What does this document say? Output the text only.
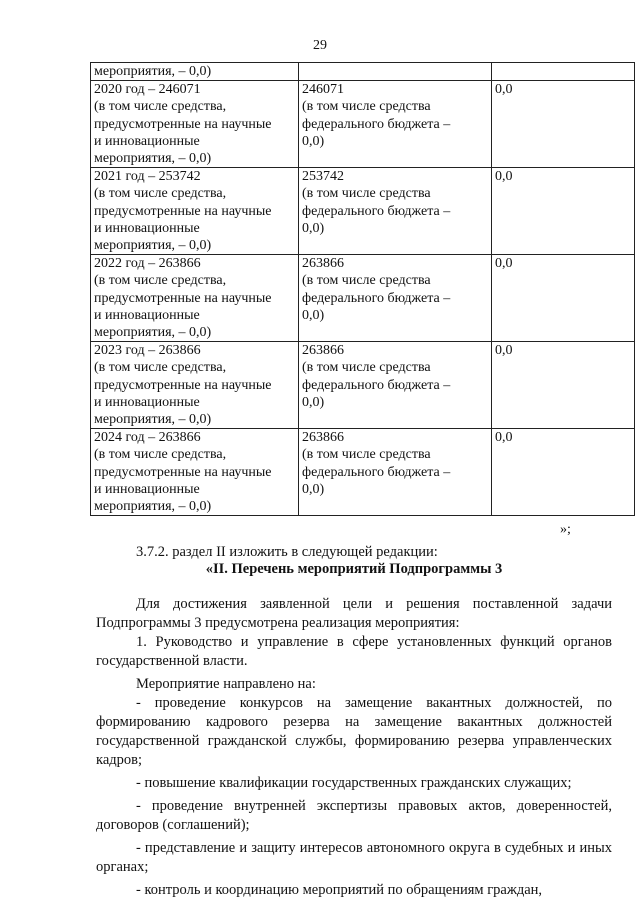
29
мероприятия, – 0,0)		

2020 год – 246071
(в том числе средства,
предусмотренные на научные
и инновационные
мероприятия, – 0,0)	246071
(в том числе средства
федерального бюджета –
0,0)	0,0

2021 год – 253742
(в том числе средства,
предусмотренные на научные
и инновационные
мероприятия, – 0,0)	253742
(в том числе средства
федерального бюджета –
0,0)	0,0

2022 год – 263866
(в том числе средства,
предусмотренные на научные
и инновационные
мероприятия, – 0,0)	263866
(в том числе средства
федерального бюджета –
0,0)	0,0

2023 год – 263866
(в том числе средства,
предусмотренные на научные
и инновационные
мероприятия, – 0,0)	263866
(в том числе средства
федерального бюджета –
0,0)	0,0

2024 год – 263866
(в том числе средства,
предусмотренные на научные
и инновационные
мероприятия, – 0,0)	263866
(в том числе средства
федерального бюджета –
0,0)	0,0
»;
3.7.2. раздел II изложить в следующей редакции:
«II. Перечень мероприятий Подпрограммы 3

Для достижения заявленной цели и решения поставленной задачи Подпрограммы 3 предусмотрена реализация мероприятия:

1. Руководство и управление в сфере установленных функций органов государственной власти.

Мероприятие направлено на:

- проведение конкурсов на замещение вакантных должностей, по формированию кадрового резерва на замещение вакантных должностей государственной гражданской службы, формированию резерва управленческих кадров;

- повышение квалификации государственных гражданских служащих;

- проведение внутренней экспертизы правовых актов, доверенностей, договоров (соглашений);

- представление и защиту интересов автономного округа в судебных и иных органах;

- контроль и координацию мероприятий по обращениям граждан,
